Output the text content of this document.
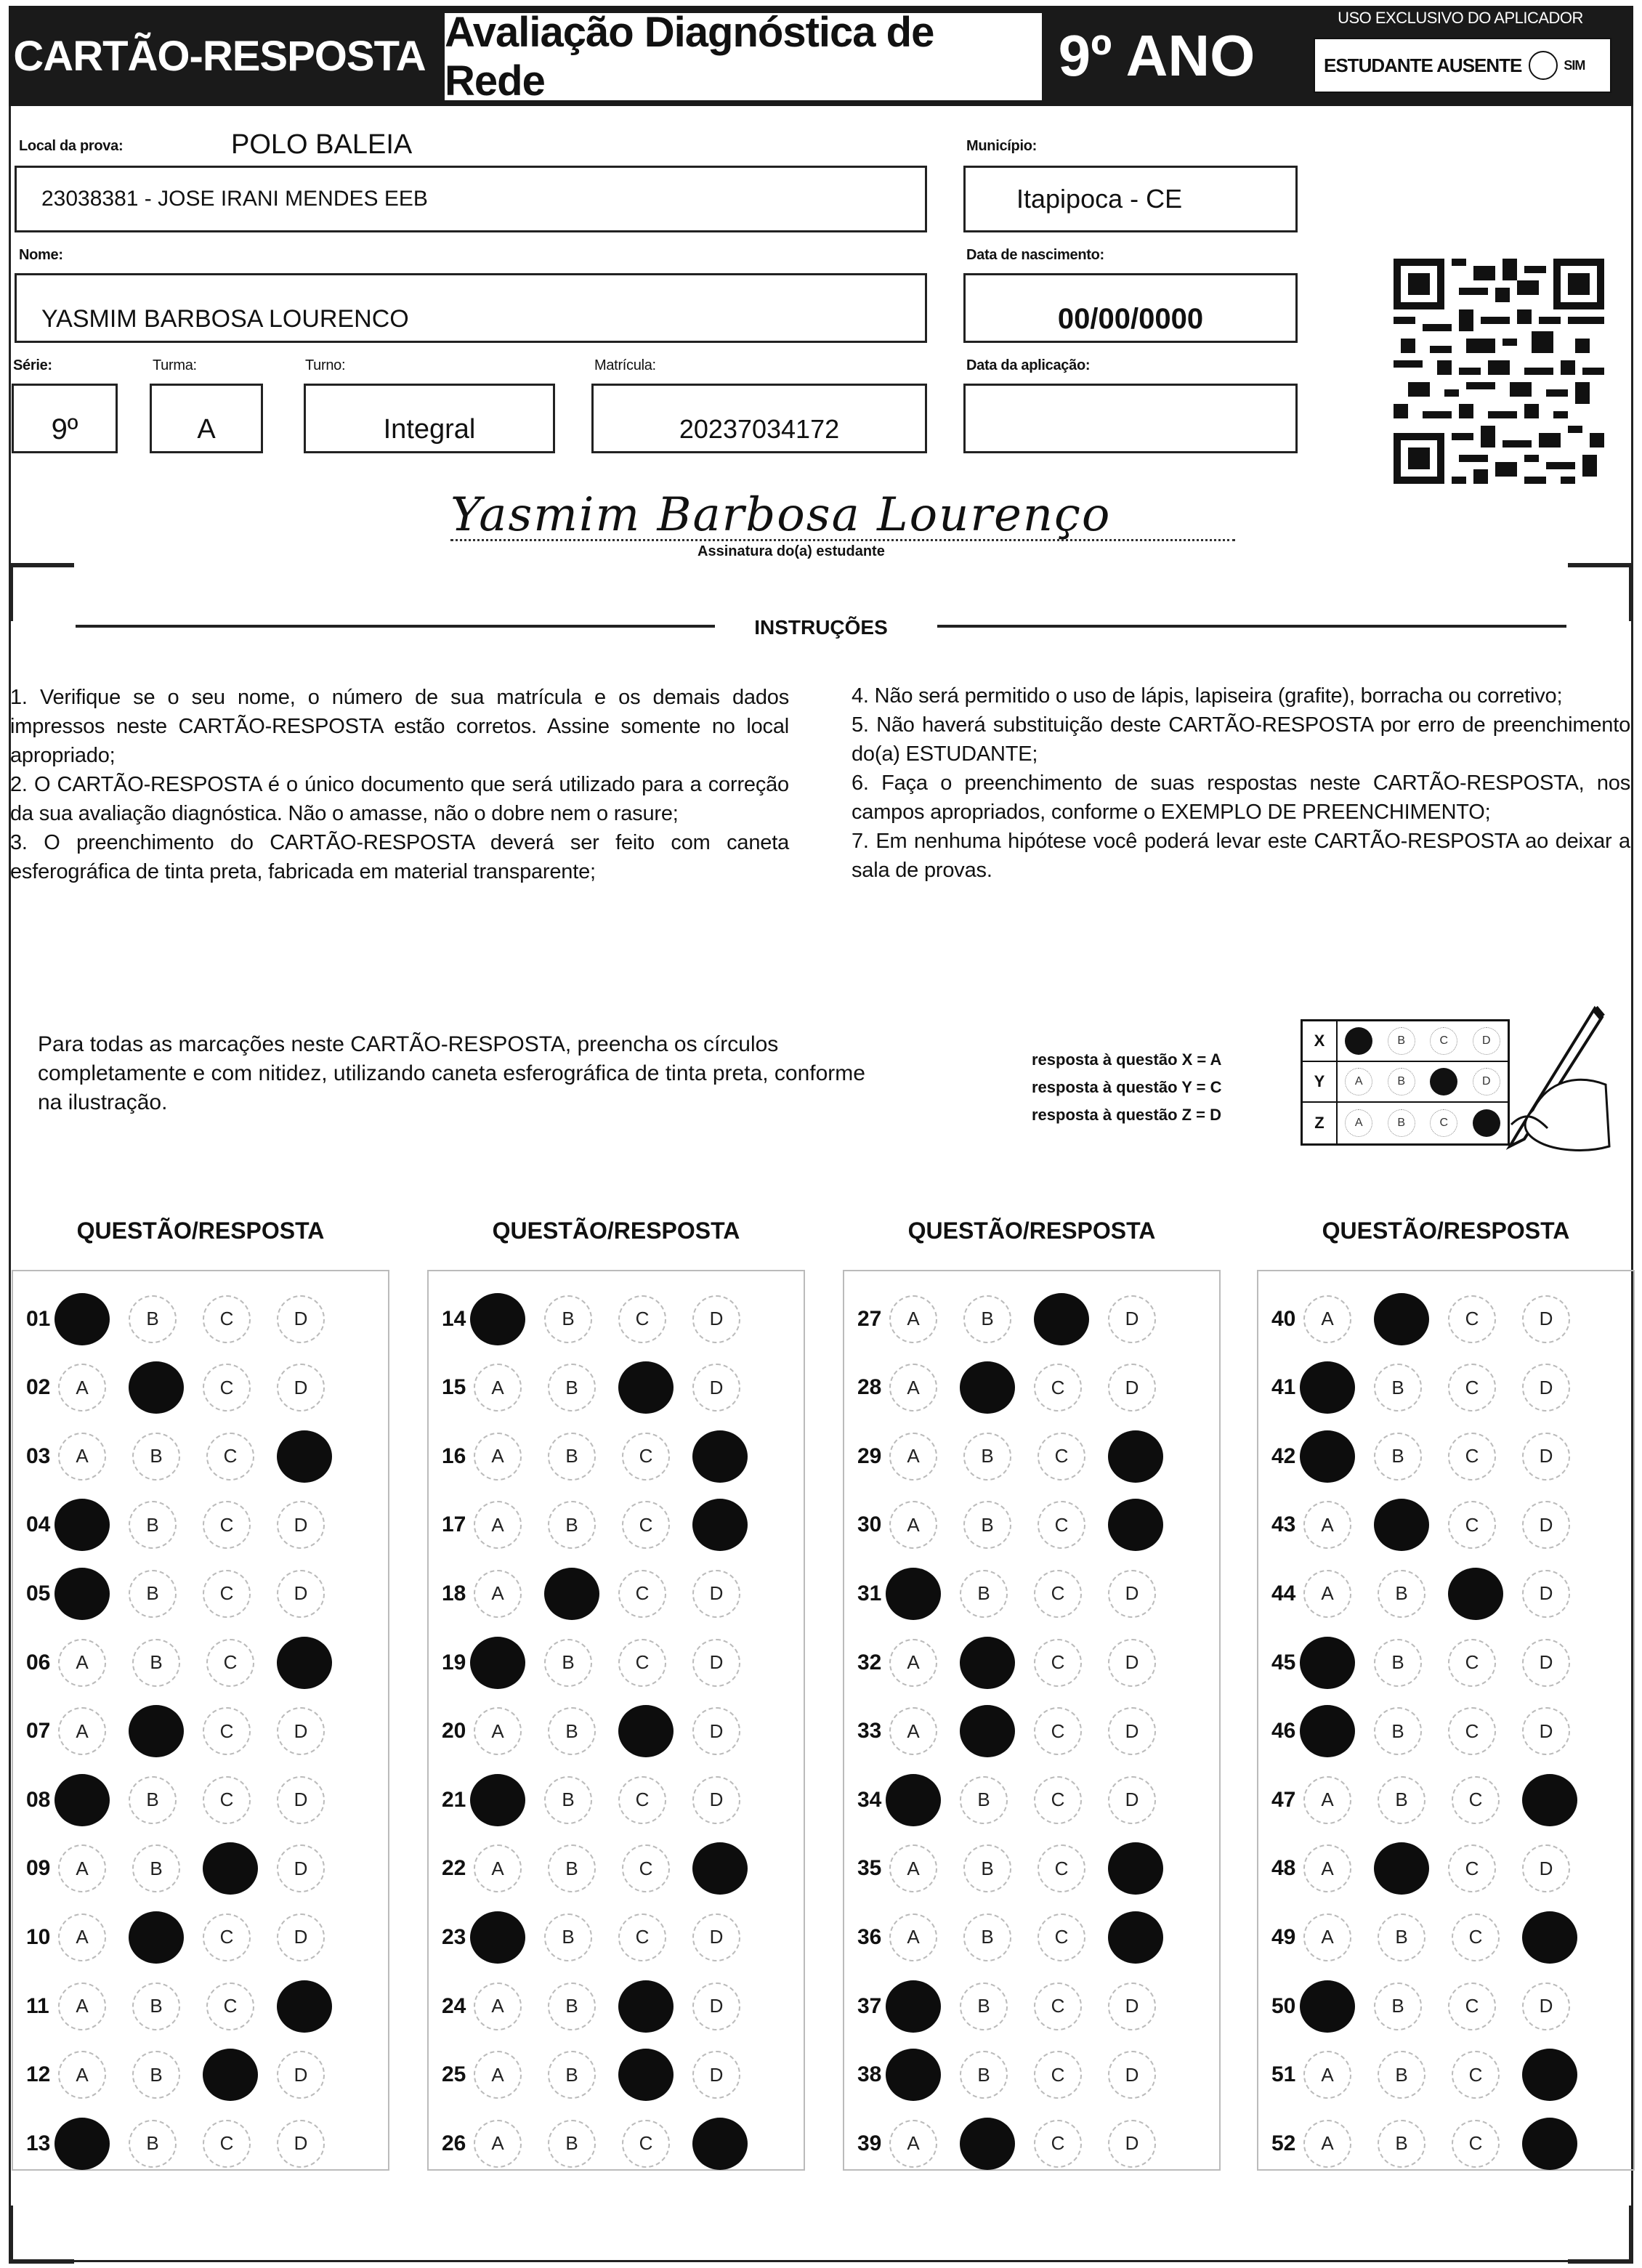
CARTÃO-RESPOSTA Avaliação Diagnóstica de Rede	9º ANO
USO EXCLUSIVO DO APLICADOR
ESTUDANTE AUSENTE	SIM
Local da prova:	POLO BALEIA
23038381 - JOSE IRANI MENDES EEB
Município:
Itapipoca - CE
Nome:
YASMIM BARBOSA LOURENCO
Data de nascimento:
00/00/0000
Série:
9º
Turma:
A
Turno:
Integral
Matrícula:
20237034172
Data da aplicação:
Yasmim Barbosa Lourenço
Assinatura do(a) estudante
INSTRUÇÕES
1. Verifique se o seu nome, o número de sua matrícula e os demais dados impressos neste CARTÃO-RESPOSTA estão corretos. Assine somente no local apropriado;
2. O CARTÃO-RESPOSTA é o único documento que será utilizado para a correção da sua avaliação diagnóstica. Não o amasse, não o dobre nem o rasure;
3. O preenchimento do CARTÃO-RESPOSTA deverá ser feito com caneta esferográfica de tinta preta, fabricada em material transparente;
4. Não será permitido o uso de lápis, lapiseira (grafite), borracha ou corretivo;
5. Não haverá substituição deste CARTÃO-RESPOSTA por erro de preenchimento do(a) ESTUDANTE;
6. Faça o preenchimento de suas respostas neste CARTÃO-RESPOSTA, nos campos apropriados, conforme o EXEMPLO DE PREENCHIMENTO;
7. Em nenhuma hipótese você poderá levar este CARTÃO-RESPOSTA ao deixar a sala de provas.
Para todas as marcações neste CARTÃO-RESPOSTA, preencha os círculos completamente e com nitidez, utilizando caneta esferográfica de tinta preta, conforme na ilustração.
resposta à questão X = A
resposta à questão Y = C
resposta à questão Z = D
X	B	C	D
Y	A	B	D
Z	A	B	C
QUESTÃO/RESPOSTA	QUESTÃO/RESPOSTA	QUESTÃO/RESPOSTA	QUESTÃO/RESPOSTA
01	B	C	D
02	A	C	D
03	A	B	C
04	B	C	D
05	B	C	D
06	A	B	C
07	A	C	D
08	B	C	D
09	A	B	D
10	A	C	D
11	A	B	C
12	A	B	D
13	B	C	D
14	B	C	D
15	A	B	D
16	A	B	C
17	A	B	C
18	A	C	D
19	B	C	D
20	A	B	D
21	B	C	D
22	A	B	C
23	B	C	D
24	A	B	D
25	A	B	D
26	A	B	C
27	A	B	D
28	A	C	D
29	A	B	C
30	A	B	C
31	B	C	D
32	A	C	D
33	A	C	D
34	B	C	D
35	A	B	C
36	A	B	C
37	B	C	D
38	B	C	D
39	A	C	D
40	A	C	D
41	B	C	D
42	B	C	D
43	A	C	D
44	A	B	D
45	B	C	D
46	B	C	D
47	A	B	C
48	A	C	D
49	A	B	C
50	B	C	D
51	A	B	C
52	A	B	C
